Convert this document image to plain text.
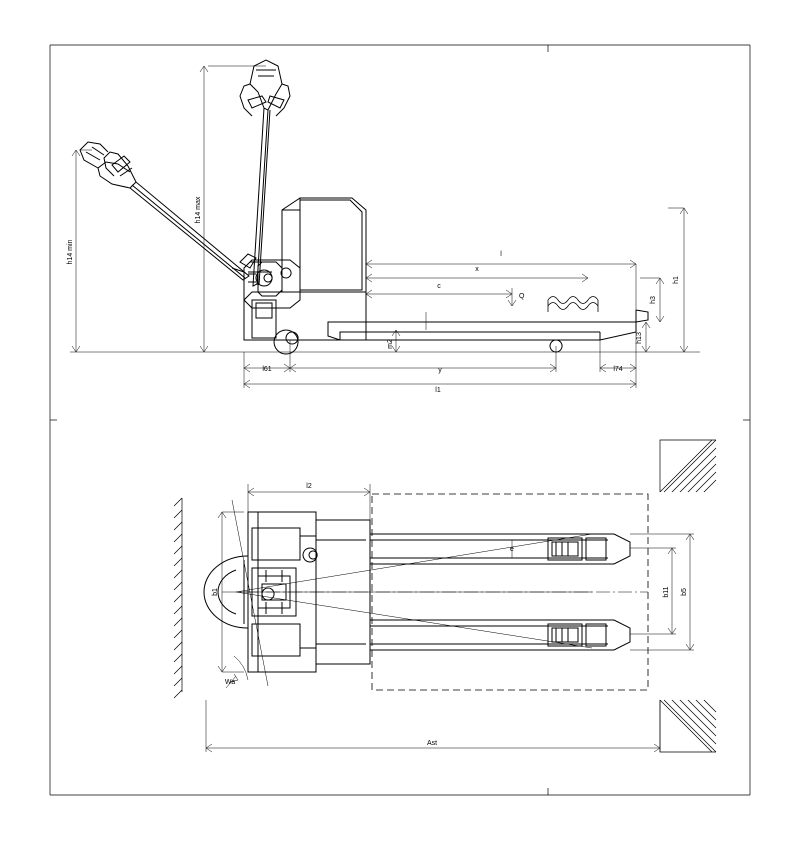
h14 max
h14 min	l
x
c
Q
h1
h3
h13
l61	l74
m2
y
l1
l2
b1	b5
b11
e
Ast
Wa
